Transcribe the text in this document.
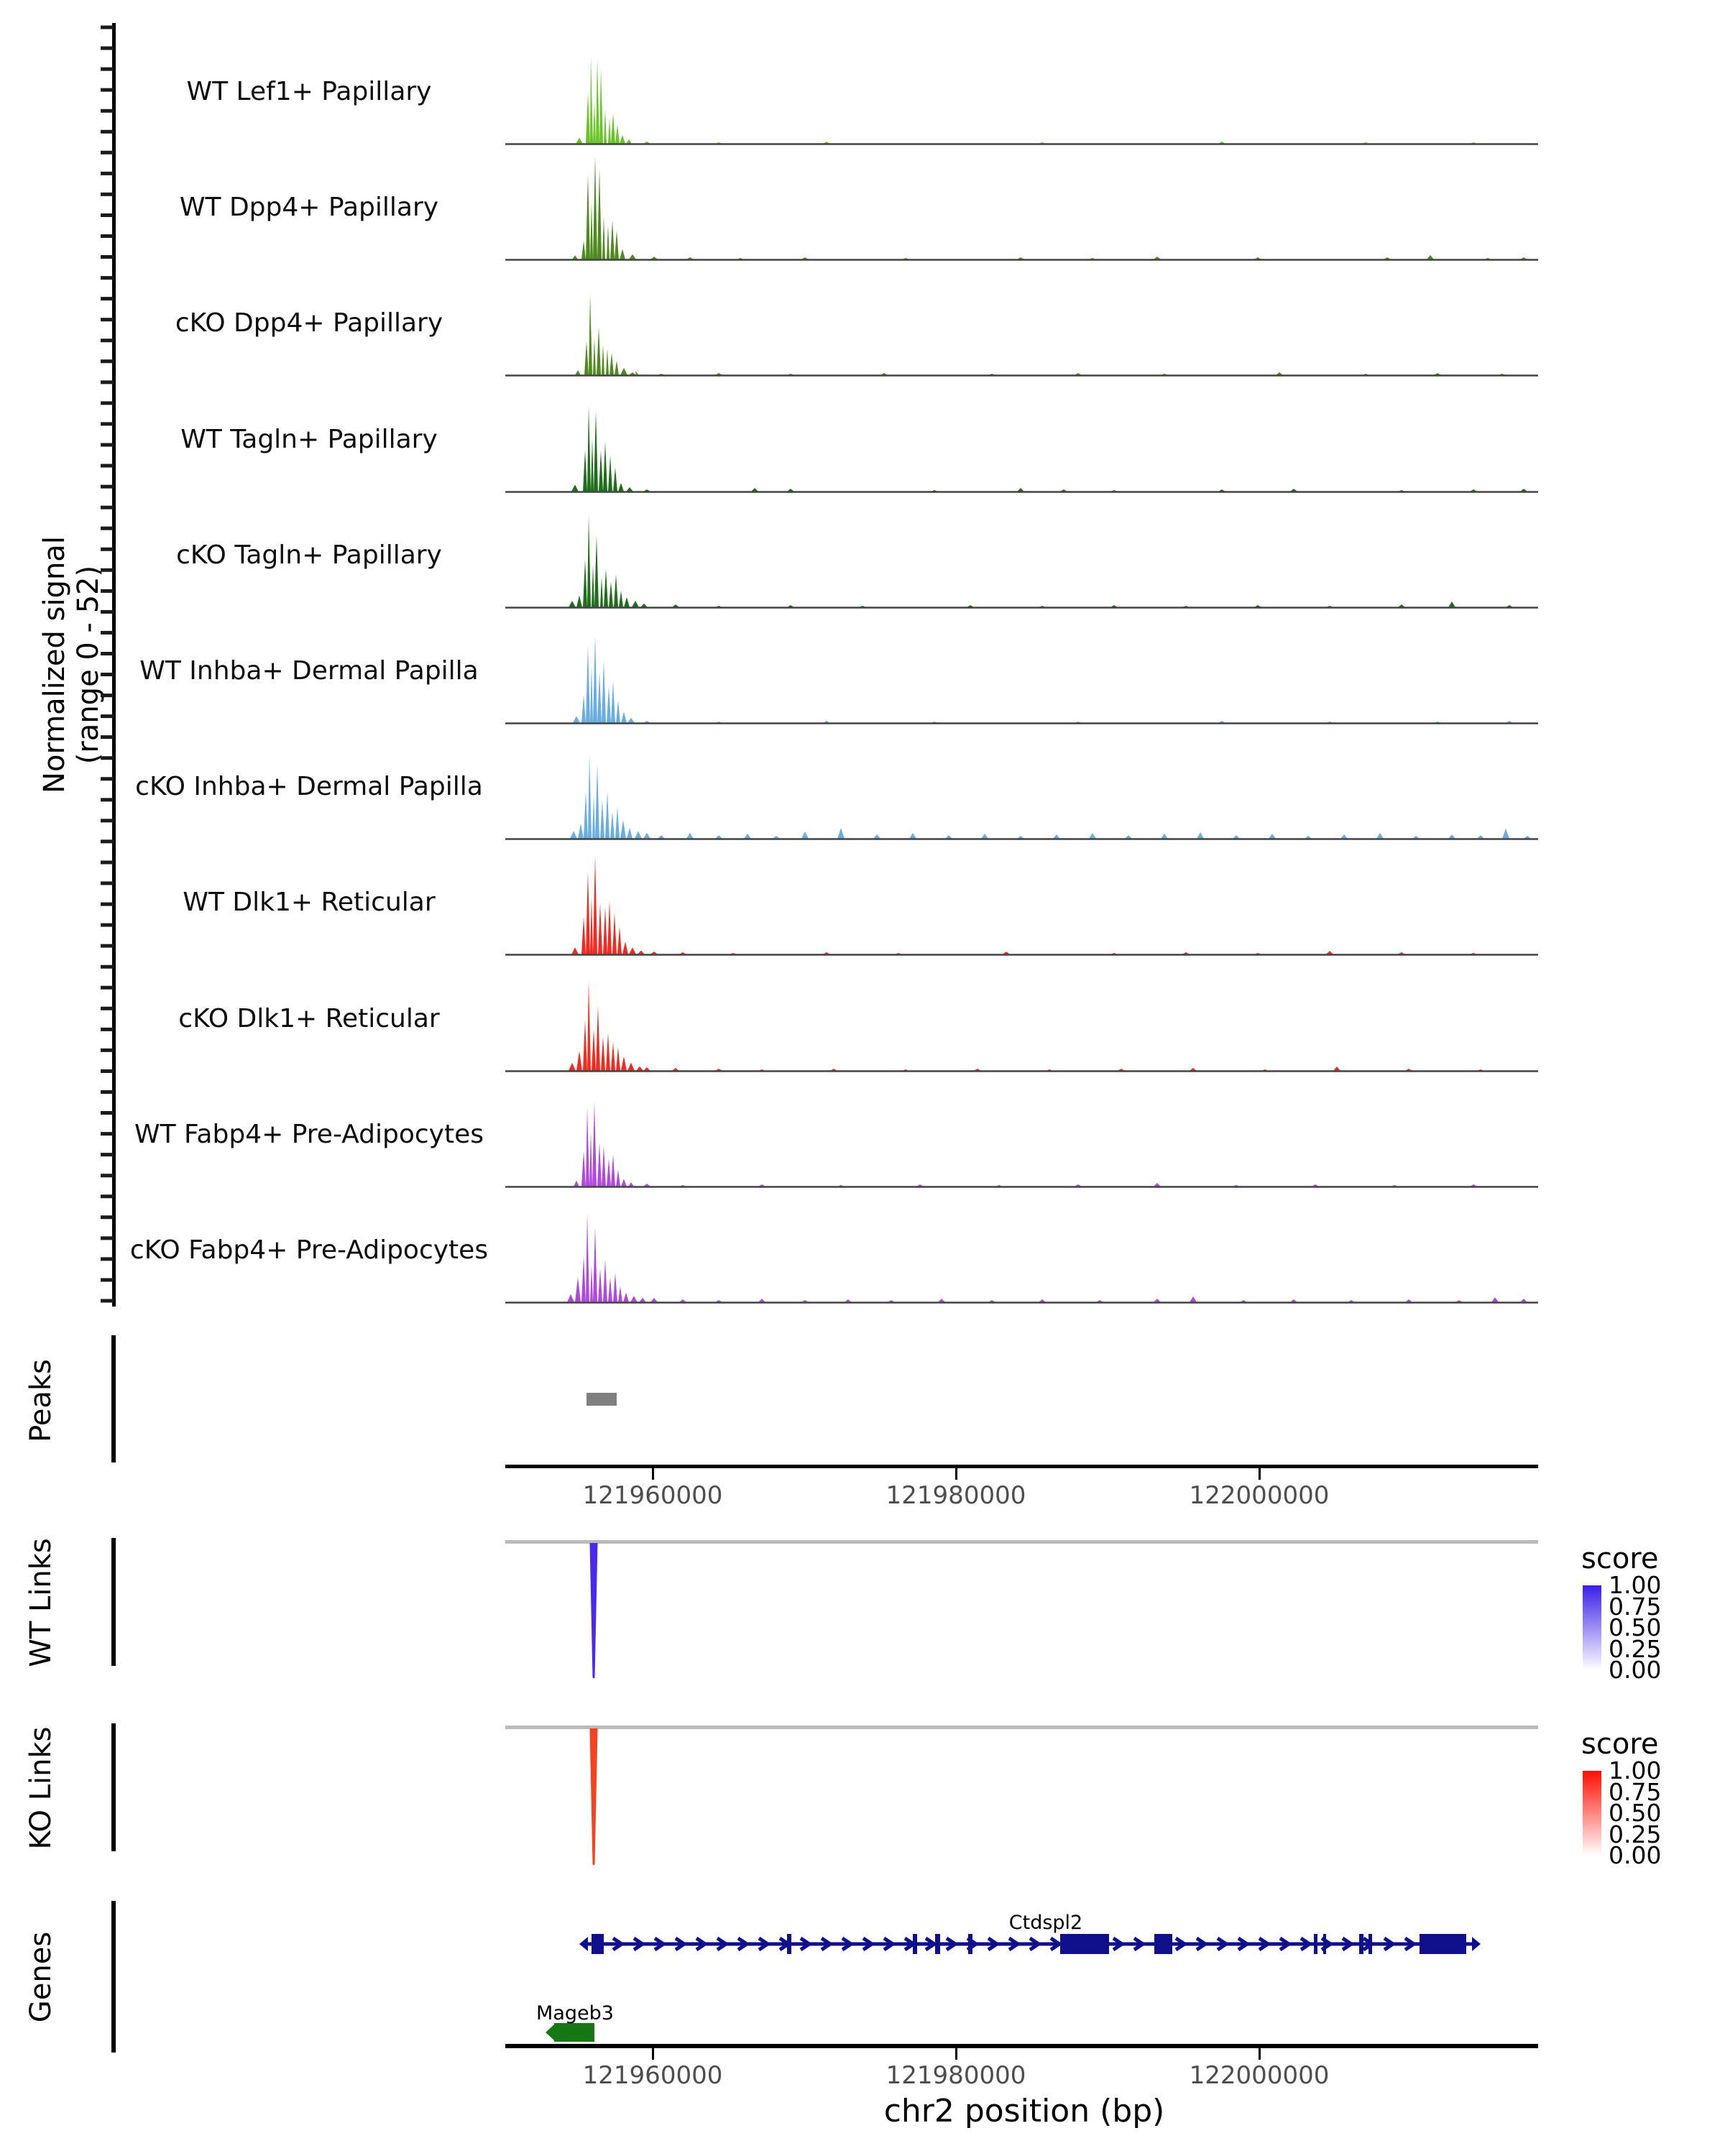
Normalized signal (range 0 - 52)
Peaks
WT Links
KO Links
Genes
WT Lef1+ Papillary
WT Dpp4+ Papillary
cKO Dpp4+ Papillary
WT Tagln+ Papillary
cKO Tagln+ Papillary
WT Inhba+ Dermal Papilla
cKO Inhba+ Dermal Papilla
WT Dlk1+ Reticular
cKO Dlk1+ Reticular
WT Fabp4+ Pre-Adipocytes
cKO Fabp4+ Pre-Adipocytes
121960000	121980000	122000000
121960000	121980000	122000000
1.00
0.75
0.50
0.25
0.00
1.00
0.75
0.50
0.25
0.00
score
score
Ctdspl2
Mageb3
chr2 position (bp)
